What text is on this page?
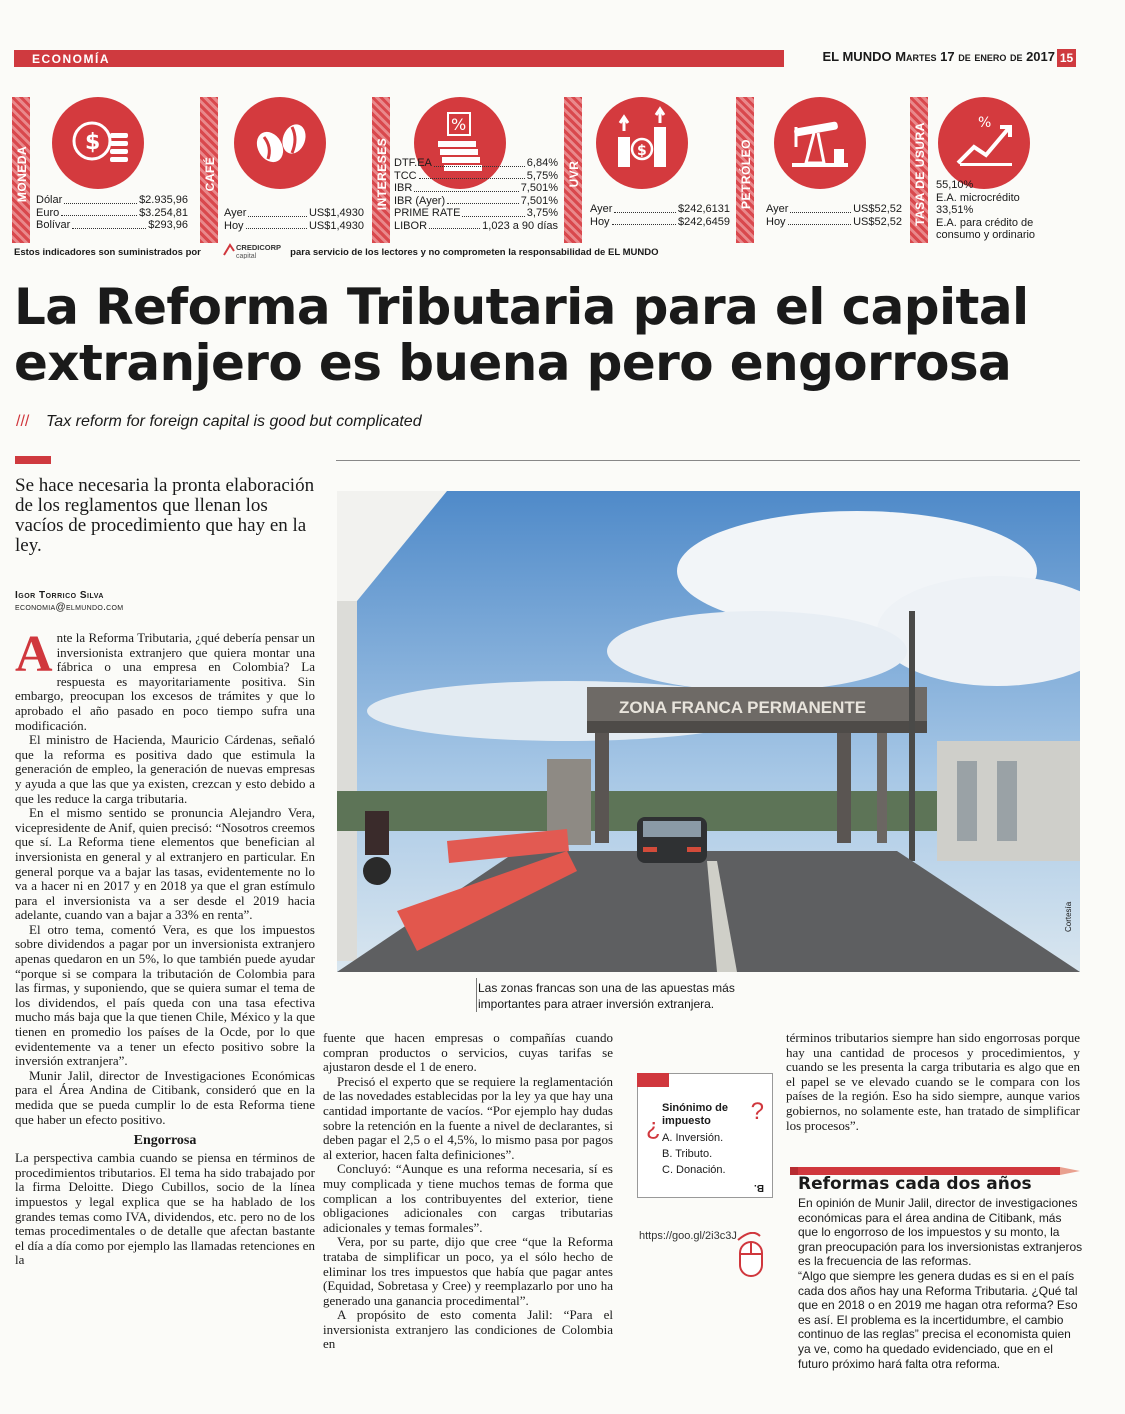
ECONOMÍA	EL MUNDO Martes 17 de enero de 2017 15
MONEDA
$
Dólar	$2.935,96
Euro	$3.254,81
Bolívar	$293,96
CAFÉ
Ayer	US$1,4930
Hoy	US$1,4930
INTERESES
%
DTF.EA	6,84%
TCC	5,75%
IBR	7,501%
IBR (Ayer)	7,501%
PRIME RATE	3,75%
LIBOR	1,023 a 90 días
UVR
$
Ayer	$242,6131
Hoy	$242,6459
PETRÓLEO Ayer	US$52,52
Hoy	US$52,52 TASA DE USURA	%
55,10%
E.A. microcrédito
33,51%
E.A. para crédito de
consumo y ordinario
Estos indicadores son suministrados por	para servicio de los lectores y no comprometen la responsabilidad de EL MUNDO
CREDICORP
capital
La Reforma Tributaria para el capital
extranjero es buena pero engorrosa
/// Tax reform for foreign capital is good but complicated
Se hace necesaria la pronta elaboración de los reglamentos que llenan los vacíos de procedimiento que hay en la ley.
Igor Torrico Silva
economia@elmundo.com
ZONA FRANCA PERMANENTE
Las zonas francas son una de las apuestas más importantes para atraer inversión extranjera.
Cortesía

Ante la Reforma Tributaria, ¿qué debería pensar un inversionista extranjero que quiera montar una fábrica o una empresa en Colombia? La respuesta es mayoritariamente positiva. Sin embargo, preocupan los excesos de trámites y que lo aprobado el año pasado en poco tiempo sufra una modificación.

El ministro de Hacienda, Mauricio Cárdenas, señaló que la reforma es positiva dado que estimula la generación de empleo, la generación de nuevas empresas y ayuda a que las que ya existen, crezcan y esto debido a que les reduce la carga tributaria.

En el mismo sentido se pronuncia Alejandro Vera, vicepresidente de Anif, quien precisó: “Nosotros creemos que sí. La Reforma tiene elementos que benefician al inversionista en general y al extranjero en particular. En general porque va a bajar las tasas, evidentemente no lo va a hacer ni en 2017 y en 2018 ya que el gran estímulo para el inversionista va a ser desde el 2019 hacia adelante, cuando van a bajar a 33% en renta”.

El otro tema, comentó Vera, es que los impuestos sobre dividendos a pagar por un inversionista extranjero apenas quedaron en un 5%, lo que también puede ayudar “porque si se compara la tributación de Colombia para las firmas, y suponiendo, que se quiera sumar el tema de los dividendos, el país queda con una tasa efectiva mucho más baja que la que tienen Chile, México y la que tienen en promedio los países de la Ocde, por lo que evidentemente va a tener un efecto positivo sobre la inversión extranjera”.

Munir Jalil, director de Investigaciones Económicas para el Área Andina de Citibank, consideró que en la medida que se pueda cumplir lo de esta Reforma tiene que haber un efecto positivo.

Engorrosa

La perspectiva cambia cuando se piensa en términos de procedimientos tributarios. El tema ha sido trabajado por la firma Deloitte. Diego Cubillos, socio de la línea impuestos y legal explica que se ha hablado de los grandes temas como IVA, dividendos, etc. pero no de los temas procedimentales o de detalle que afectan bastante el día a día como por ejemplo las llamadas retenciones en la

fuente que hacen empresas o compañías cuando compran productos o servicios, cuyas tarifas se ajustaron desde el 1 de enero.

Precisó el experto que se requiere la reglamentación de las novedades establecidas por la ley ya que hay una cantidad importante de vacíos. “Por ejemplo hay dudas sobre la retención en la fuente a nivel de declarantes, si deben pagar el 2,5 o el 4,5%, lo mismo pasa por pagos al exterior, hacen falta definiciones”.

Concluyó: “Aunque es una reforma necesaria, sí es muy complicada y tiene muchos temas de forma que complican a los contribuyentes del exterior, tiene obligaciones adicionales con cargas tributarias adicionales y temas formales”.

Vera, por su parte, dijo que cree “que la Reforma trataba de simplificar un poco, ya el sólo hecho de eliminar los tres impuestos que había que pagar antes (Equidad, Sobretasa y Cree) y reemplazarlo por uno ha generado una ganancia procedimental”.

A propósito de esto comenta Jalil: “Para el inversionista extranjero las condiciones de Colombia en

términos tributarios siempre han sido engorrosas porque hay una cantidad de procesos y procedimientos, y cuando se les presenta la carga tributaria es algo que en el papel se ve elevado cuando se le compara con los países de la región. Eso ha sido siempre, aunque varios gobiernos, no solamente este, han tratado de simplificar los procesos”.

¿
?
Sinónimo de impuesto
A. Inversión.
B. Tributo.
C. Donación.
B.
https://goo.gl/2i3c3J
Reformas cada dos años
En opinión de Munir Jalil, director de investigaciones económicas para el área andina de Citibank, más que lo engorroso de los impuestos y su monto, la gran preocupación para los inversionistas extranjeros es la frecuencia de las reformas.
“Algo que siempre les genera dudas es si en el país cada dos años hay una Reforma Tributaria. ¿Qué tal que en 2018 o en 2019 me hagan otra reforma? Eso es así. El problema es la incertidumbre, el cambio continuo de las reglas” precisa el economista quien ya ve, como ha quedado evidenciado, que en el futuro próximo hará falta otra reforma.
